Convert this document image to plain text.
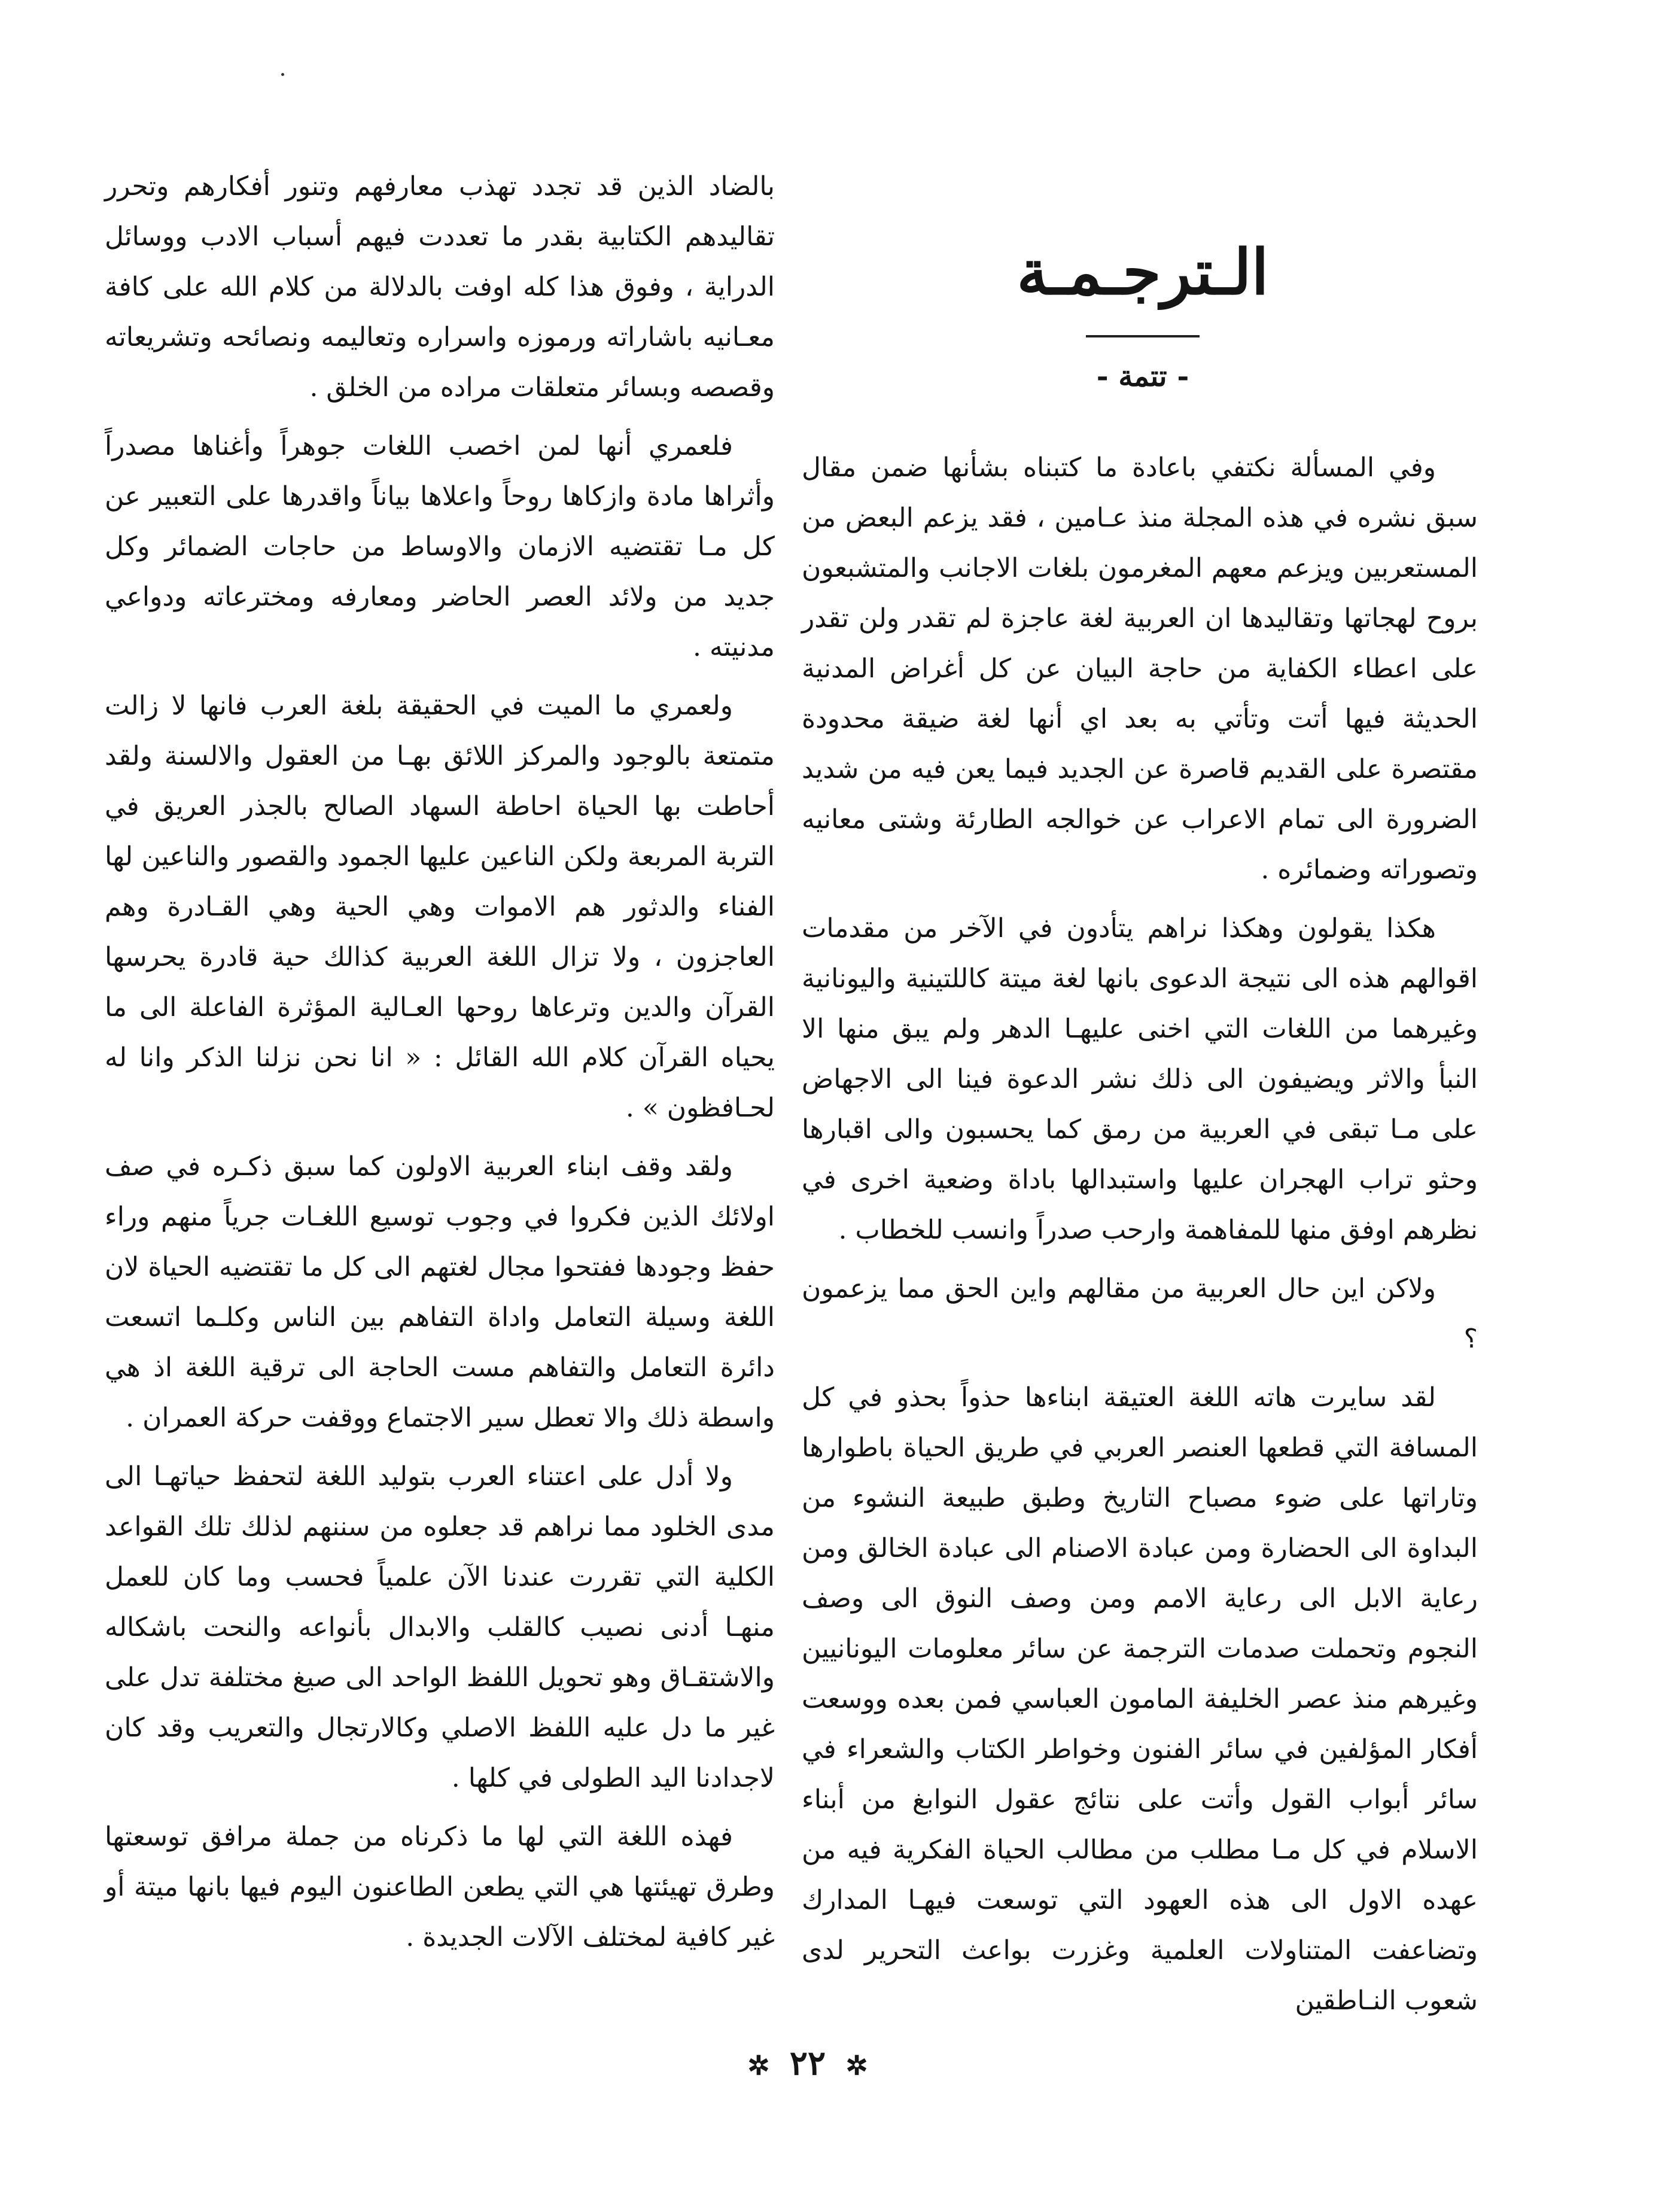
الـترجـمـة
- تتمة -

وفي المسألة نكتفي باعادة ما كتبناه بشأنها ضمن مقال سبق نشره في هذه المجلة منذ عـامين ، فقد يزعم البعض من المستعربين ويزعم معهم المغرمون بلغات الاجانب والمتشبعون بروح لهجاتها وتقاليدها ان العربية لغة عاجزة لم تقدر ولن تقدر على اعطاء الكفاية من حاجة البيان عن كل أغراض المدنية الحديثة فيها أتت وتأتي به بعد اي أنها لغة ضيقة محدودة مقتصرة على القديم قاصرة عن الجديد فيما يعن فيه من شديد الضرورة الى تمام الاعراب عن خوالجه الطارئة وشتى معانيه وتصوراته وضمائره .

هكذا يقولون وهكذا نراهم يتأدون في الآخر من مقدمات اقوالهم هذه الى نتيجة الدعوى بانها لغة ميتة كاللتينية واليونانية وغيرهما من اللغات التي اخنى عليهـا الدهر ولم يبق منها الا النبأ والاثر ويضيفون الى ذلك نشر الدعوة فينا الى الاجهاض على مـا تبقى في العربية من رمق كما يحسبون والى اقبارها وحثو تراب الهجران عليها واستبدالها باداة وضعية اخرى في نظرهم اوفق منها للمفاهمة وارحب صدراً وانسب للخطاب .

ولاكن اين حال العربية من مقالهم واين الحق مما يزعمون ؟

لقد سايرت هاته اللغة العتيقة ابناءها حذواً بحذو في كل المسافة التي قطعها العنصر العربي في طريق الحياة باطوارها وتاراتها على ضوء مصباح التاريخ وطبق طبيعة النشوء من البداوة الى الحضارة ومن عبادة الاصنام الى عبادة الخالق ومن رعاية الابل الى رعاية الامم ومن وصف النوق الى وصف النجوم وتحملت صدمات الترجمة عن سائر معلومات اليونانيين وغيرهم منذ عصر الخليفة المامون العباسي فمن بعده ووسعت أفكار المؤلفين في سائر الفنون وخواطر الكتاب والشعراء في سائر أبواب القول وأتت على نتائج عقول النوابغ من أبناء الاسلام في كل مـا مطلب من مطالب الحياة الفكرية فيه من عهده الاول الى هذه العهود التي توسعت فيهـا المدارك وتضاعفت المتناولات العلمية وغزرت بواعث التحرير لدى شعوب النـاطقين

بالضاد الذين قد تجدد تهذب معارفهم وتنور أفكارهم وتحرر تقاليدهم الكتابية بقدر ما تعددت فيهم أسباب الادب ووسائل الدراية ، وفوق هذا كله اوفت بالدلالة من كلام الله على كافة معـانيه باشاراته ورموزه واسراره وتعاليمه ونصائحه وتشريعاته وقصصه وبسائر متعلقات مراده من الخلق .

فلعمري أنها لمن اخصب اللغات جوهراً وأغناها مصدراً وأثراها مادة وازكاها روحاً واعلاها بياناً واقدرها على التعبير عن كل مـا تقتضيه الازمان والاوساط من حاجات الضمائر وكل جديد من ولائد العصر الحاضر ومعارفه ومخترعاته ودواعي مدنيته .

ولعمري ما الميت في الحقيقة بلغة العرب فانها لا زالت متمتعة بالوجود والمركز اللائق بهـا من العقول والالسنة ولقد أحاطت بها الحياة احاطة السهاد الصالح بالجذر العريق في التربة المربعة ولكن الناعين عليها الجمود والقصور والناعين لها الفناء والدثور هم الاموات وهي الحية وهي القـادرة وهم العاجزون ، ولا تزال اللغة العربية كذالك حية قادرة يحرسها القرآن والدين وترعاها روحها العـالية المؤثرة الفاعلة الى ما يحياه القرآن كلام الله القائل : « انا نحن نزلنا الذكر وانا له لحـافظون » .

ولقد وقف ابناء العربية الاولون كما سبق ذكـره في صف اولائك الذين فكروا في وجوب توسيع اللغـات جرياً منهم وراء حفظ وجودها ففتحوا مجال لغتهم الى كل ما تقتضيه الحياة لان اللغة وسيلة التعامل واداة التفاهم بين الناس وكلـما اتسعت دائرة التعامل والتفاهم مست الحاجة الى ترقية اللغة اذ هي واسطة ذلك والا تعطل سير الاجتماع ووقفت حركة العمران .

ولا أدل على اعتناء العرب بتوليد اللغة لتحفظ حياتهـا الى مدى الخلود مما نراهم قد جعلوه من سننهم لذلك تلك القواعد الكلية التي تقررت عندنا الآن علمياً فحسب وما كان للعمل منهـا أدنى نصيب كالقلب والابدال بأنواعه والنحت باشكاله والاشتقـاق وهو تحويل اللفظ الواحد الى صيغ مختلفة تدل على غير ما دل عليه اللفظ الاصلي وكالارتجال والتعريب وقد كان لاجدادنا اليد الطولى في كلها .

فهذه اللغة التي لها ما ذكرناه من جملة مرافق توسعتها وطرق تهيئتها هي التي يطعن الطاعنون اليوم فيها بانها ميتة أو غير كافية لمختلف الآلات الجديدة .

✲ ٢٢ ✲
